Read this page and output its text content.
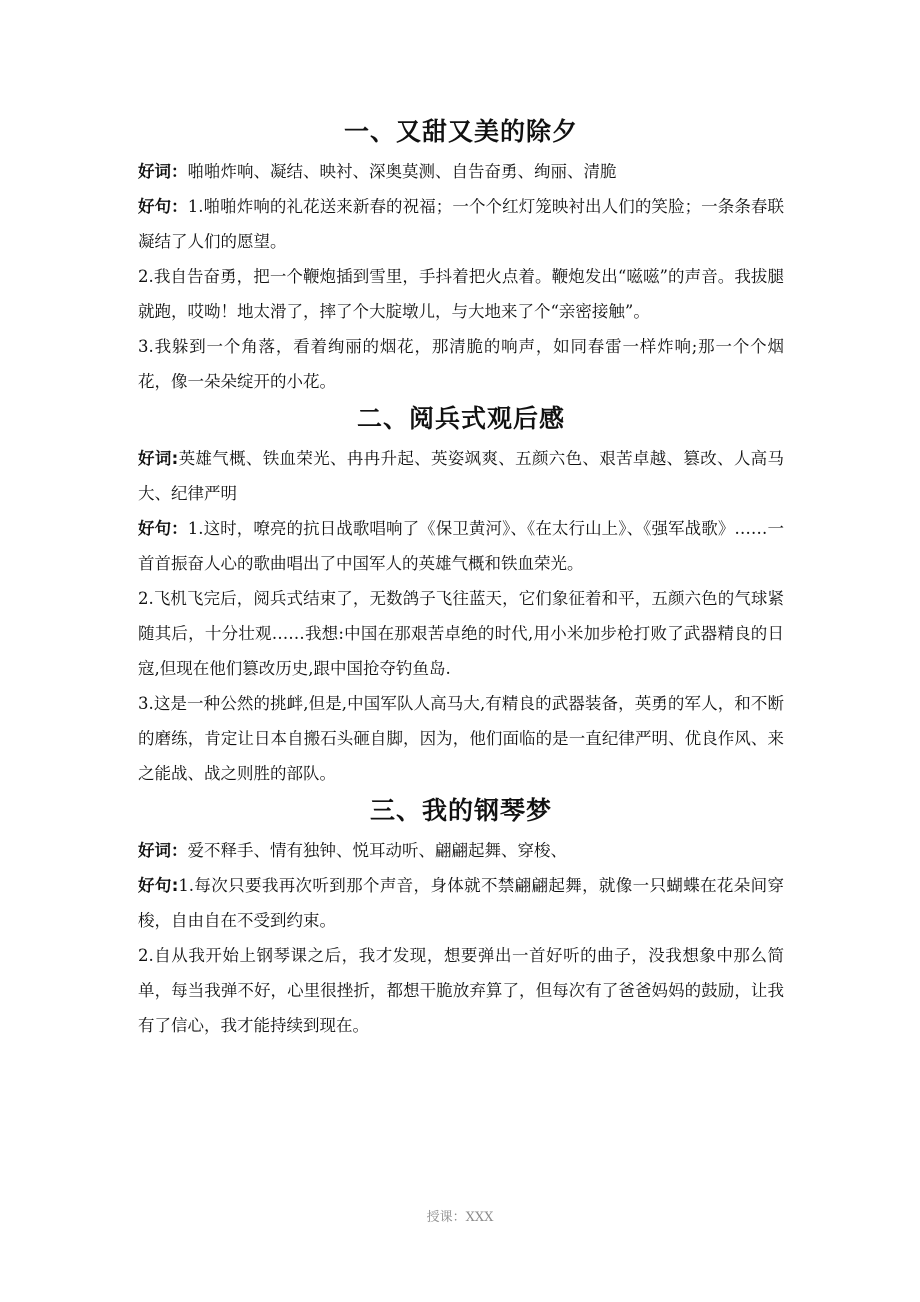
一、又甜又美的除夕

好词：啪啪炸响、凝结、映衬、深奥莫测、自告奋勇、绚丽、清脆

好句：1.啪啪炸响的礼花送来新春的祝福；一个个红灯笼映衬出人们的笑脸；一条条春联凝结了人们的愿望。

2.我自告奋勇，把一个鞭炮插到雪里，手抖着把火点着。鞭炮发出“嗞嗞”的声音。我拔腿就跑，哎呦！地太滑了，摔了个大腚墩儿，与大地来了个“亲密接触”。

3.我躲到一个角落，看着绚丽的烟花，那清脆的响声，如同春雷一样炸响;那一个个烟花，像一朵朵绽开的小花。

二、阅兵式观后感

好词:英雄气概、铁血荣光、冉冉升起、英姿飒爽、五颜六色、艰苦卓越、篡改、人高马大、纪律严明

好句：1.这时，嘹亮的抗日战歌唱响了《保卫黄河》、《在太行山上》、《强军战歌》……一首首振奋人心的歌曲唱出了中国军人的英雄气概和铁血荣光。

2.飞机飞完后，阅兵式结束了，无数鸽子飞往蓝天，它们象征着和平，五颜六色的气球紧随其后，十分壮观……我想:中国在那艰苦卓绝的时代,用小米加步枪打败了武器精良的日寇,但现在他们篡改历史,跟中国抢夺钓鱼岛.

3.这是一种公然的挑衅,但是,中国军队人高马大,有精良的武器装备，英勇的军人，和不断的磨练，肯定让日本自搬石头砸自脚，因为，他们面临的是一直纪律严明、优良作风、来之能战、战之则胜的部队。

三、我的钢琴梦

好词：爱不释手、情有独钟、悦耳动听、翩翩起舞、穿梭、

好句:1.每次只要我再次听到那个声音，身体就不禁翩翩起舞，就像一只蝴蝶在花朵间穿梭，自由自在不受到约束。

2.自从我开始上钢琴课之后，我才发现，想要弹出一首好听的曲子，没我想象中那么简单，每当我弹不好，心里很挫折，都想干脆放弃算了，但每次有了爸爸妈妈的鼓励，让我有了信心，我才能持续到现在。

授课：XXX
